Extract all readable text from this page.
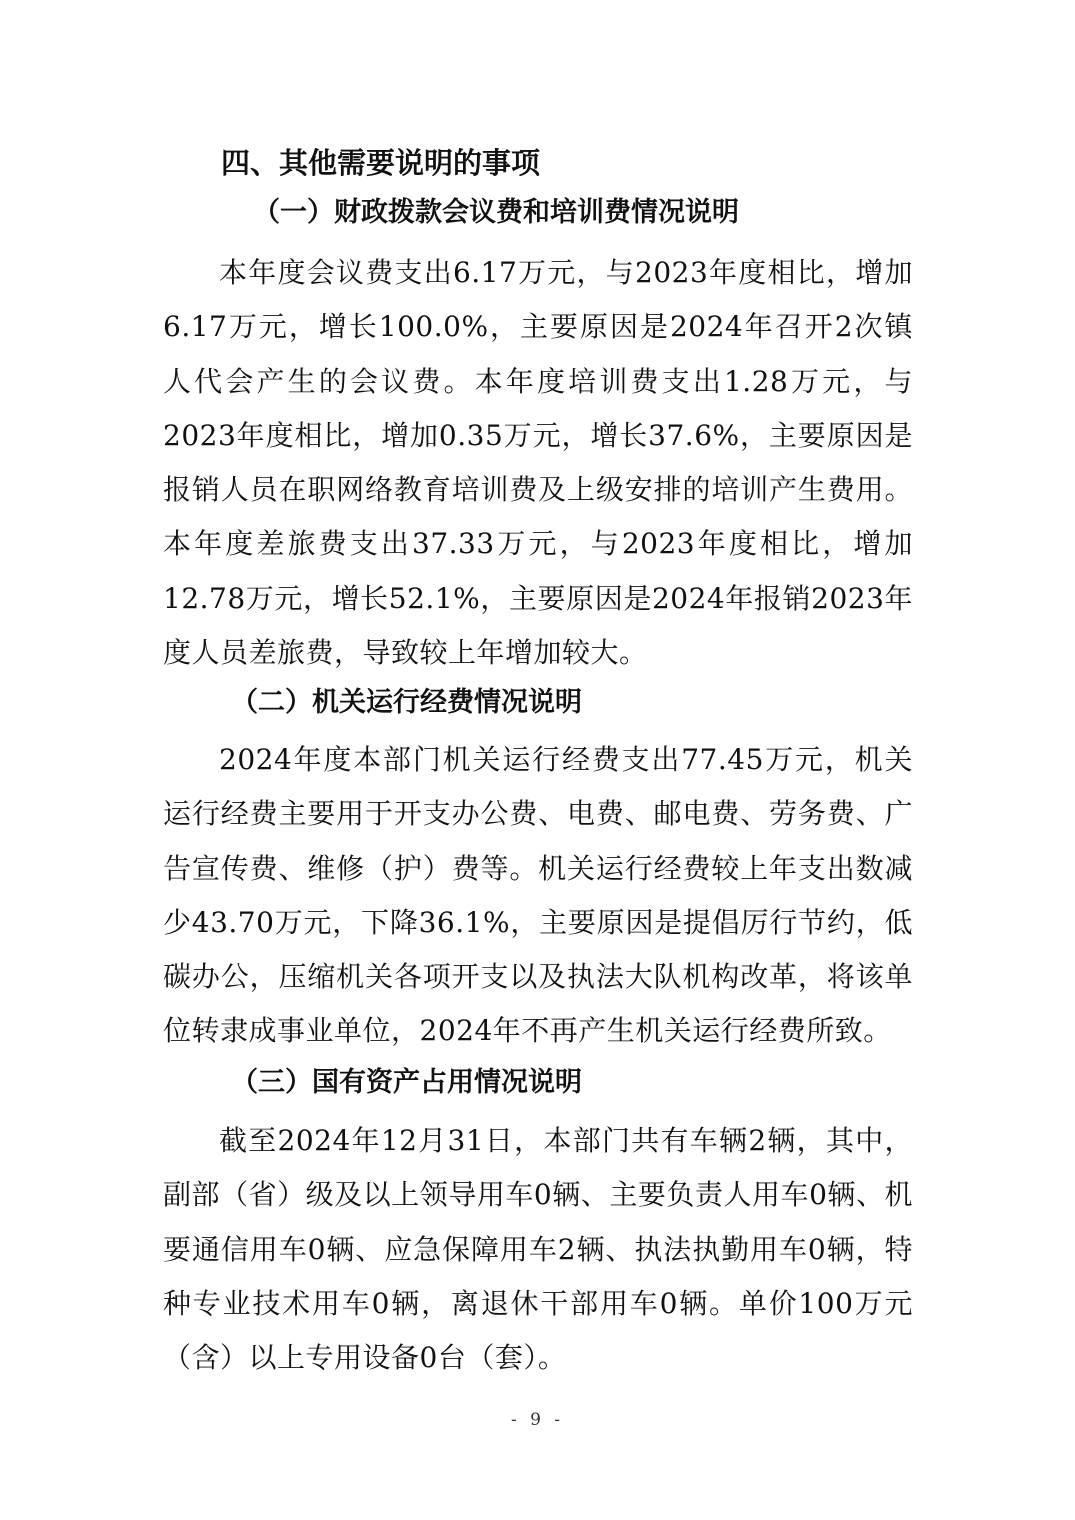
四、其他需要说明的事项
（一）财政拨款会议费和培训费情况说明
本年度会议费支出6.17万元，与2023年度相比，增加6.17万元，增长100.0%，主要原因是2024年召开2次镇人代会产生的会议费。本年度培训费支出1.28万元，与2023年度相比，增加0.35万元，增长37.6%，主要原因是报销人员在职网络教育培训费及上级安排的培训产生费用。本年度差旅费支出37.33万元，与2023年度相比，增加12.78万元，增长52.1%，主要原因是2024年报销2023年度人员差旅费，导致较上年增加较大。
（二）机关运行经费情况说明
2024年度本部门机关运行经费支出77.45万元，机关运行经费主要用于开支办公费、电费、邮电费、劳务费、广告宣传费、维修（护）费等。机关运行经费较上年支出数减少43.70万元，下降36.1%，主要原因是提倡厉行节约，低碳办公，压缩机关各项开支以及执法大队机构改革，将该单位转隶成事业单位，2024年不再产生机关运行经费所致。
（三）国有资产占用情况说明
截至2024年12月31日，本部门共有车辆2辆，其中，副部（省）级及以上领导用车0辆、主要负责人用车0辆、机要通信用车0辆、应急保障用车2辆、执法执勤用车0辆，特种专业技术用车0辆，离退休干部用车0辆。单价100万元（含）以上专用设备0台（套）。
- 9 -
